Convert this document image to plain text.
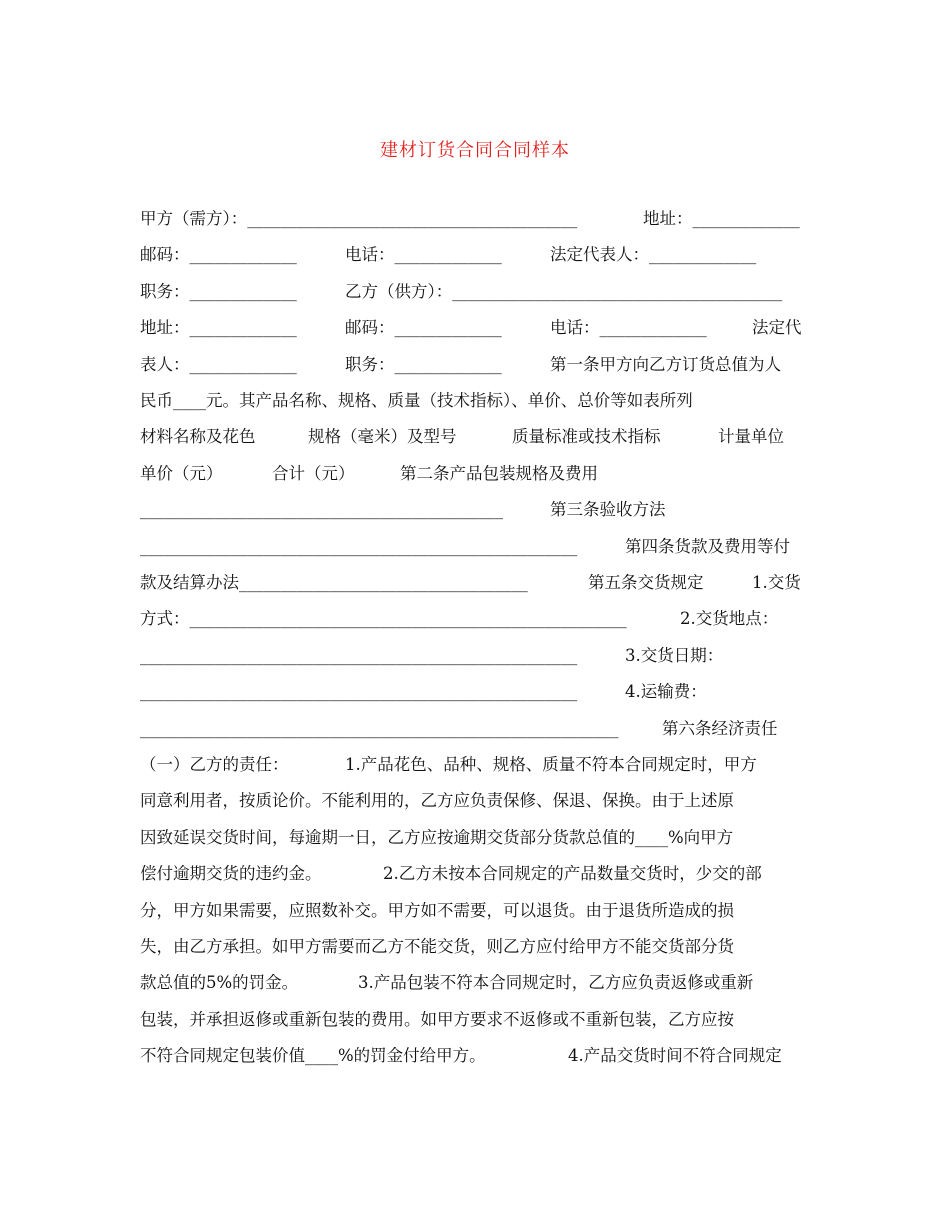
建材订货合同合同样本
甲方（需方）：________________________________________	地址：_____________
邮码：_____________	电话：_____________	法定代表人：_____________
职务：_____________	乙方（供方）：________________________________________
地址：_____________	邮码：_____________	电话：_____________	法定代
表人：_____________	职务：_____________	第一条甲方向乙方订货总值为人
民币____元。其产品名称、规格、质量（技术指标）、单价、总价等如表所列
材料名称及花色	规格（毫米）及型号	质量标准或技术指标	计量单位
单价（元）	合计（元）	第二条产品包装规格及费用
____________________________________________	第三条验收方法
_____________________________________________________	第四条货款及费用等付
款及结算办法___________________________________	第五条交货规定	1.交货
方式：_____________________________________________________	2.交货地点：
_____________________________________________________	3.交货日期：
_____________________________________________________	4.运输费：
__________________________________________________________	第六条经济责任
（一）乙方的责任：	1.产品花色、品种、规格、质量不符本合同规定时，甲方
同意利用者，按质论价。不能利用的，乙方应负责保修、保退、保换。由于上述原
因致延误交货时间，每逾期一日，乙方应按逾期交货部分货款总值的____%向甲方
偿付逾期交货的违约金。	2.乙方未按本合同规定的产品数量交货时，少交的部
分，甲方如果需要，应照数补交。甲方如不需要，可以退货。由于退货所造成的损
失，由乙方承担。如甲方需要而乙方不能交货，则乙方应付给甲方不能交货部分货
款总值的5%的罚金。	3.产品包装不符本合同规定时，乙方应负责返修或重新
包装，并承担返修或重新包装的费用。如甲方要求不返修或不重新包装，乙方应按
不符合同规定包装价值____%的罚金付给甲方。	4.产品交货时间不符合同规定
